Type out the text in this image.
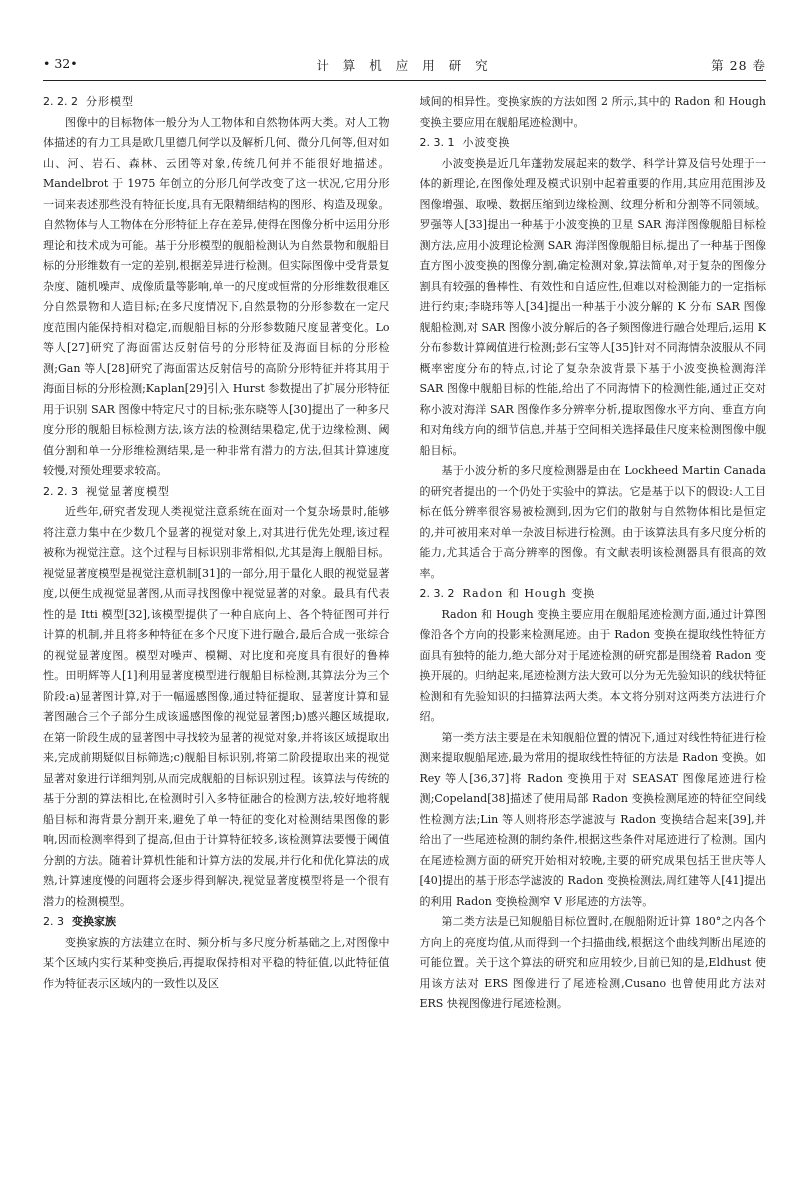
• 32•	计 算 机 应 用 研 究	第 28 卷
2. 2. 2 分形模型

图像中的目标物体一般分为人工物体和自然物体两大类。对人工物体描述的有力工具是欧几里德几何学以及解析几何、微分几何等,但对如山、河、岩石、森林、云团等对象,传统几何并不能很好地描述。Mandelbrot 于 1975 年创立的分形几何学改变了这一状况,它用分形一词来表述那些没有特征长度,具有无限精细结构的图形、构造及现象。自然物体与人工物体在分形特征上存在差异,使得在图像分析中运用分形理论和技术成为可能。基于分形模型的舰船检测认为自然景物和舰船目标的分形维数有一定的差别,根据差异进行检测。但实际图像中受背景复杂度、随机噪声、成像质量等影响,单一的尺度或恒常的分形维数很难区分自然景物和人造目标;在多尺度情况下,自然景物的分形参数在一定尺度范围内能保持相对稳定,而舰船目标的分形参数随尺度显著变化。Lo 等人[27]研究了海面雷达反射信号的分形特征及海面目标的分形检测;Gan 等人[28]研究了海面雷达反射信号的高阶分形特征并将其用于海面目标的分形检测;Kaplan[29]引入 Hurst 参数提出了扩展分形特征用于识别 SAR 图像中特定尺寸的目标;张东晓等人[30]提出了一种多尺度分形的舰船目标检测方法,该方法的检测结果稳定,优于边缘检测、阈值分割和单一分形维检测结果,是一种非常有潜力的方法,但其计算速度较慢,对预处理要求较高。

2. 2. 3 视觉显著度模型

近些年,研究者发现人类视觉注意系统在面对一个复杂场景时,能够将注意力集中在少数几个显著的视觉对象上,对其进行优先处理,该过程被称为视觉注意。这个过程与目标识别非常相似,尤其是海上舰船目标。视觉显著度模型是视觉注意机制[31]的一部分,用于量化人眼的视觉显著度,以便生成视觉显著图,从而寻找图像中视觉显著的对象。最具有代表性的是 Itti 模型[32],该模型提供了一种自底向上、各个特征图可并行计算的机制,并且将多种特征在多个尺度下进行融合,最后合成一张综合的视觉显著度图。模型对噪声、模糊、对比度和亮度具有很好的鲁棒性。田明辉等人[1]利用显著度模型进行舰船目标检测,其算法分为三个阶段:a)显著图计算,对于一幅遥感图像,通过特征提取、显著度计算和显著图融合三个子部分生成该遥感图像的视觉显著图;b)感兴趣区域提取,在第一阶段生成的显著图中寻找较为显著的视觉对象,并将该区域提取出来,完成前期疑似目标筛选;c)舰船目标识别,将第二阶段提取出来的视觉显著对象进行详细判别,从而完成舰船的目标识别过程。该算法与传统的基于分割的算法相比,在检测时引入多特征融合的检测方法,较好地将舰船目标和海背景分割开来,避免了单一特征的变化对检测结果图像的影响,因而检测率得到了提高,但由于计算特征较多,该检测算法要慢于阈值分割的方法。随着计算机性能和计算方法的发展,并行化和优化算法的成熟,计算速度慢的问题将会逐步得到解决,视觉显著度模型将是一个很有潜力的检测模型。

2. 3 变换家族

变换家族的方法建立在时、频分析与多尺度分析基础之上,对图像中某个区域内实行某种变换后,再提取保持相对平稳的特征值,以此特征值作为特征表示区域内的一致性以及区

域间的相异性。变换家族的方法如图 2 所示,其中的 Radon 和 Hough 变换主要应用在舰船尾迹检测中。

2. 3. 1 小波变换

小波变换是近几年蓬勃发展起来的数学、科学计算及信号处理于一体的新理论,在图像处理及模式识别中起着重要的作用,其应用范围涉及图像增强、取噪、数据压缩到边缘检测、纹理分析和分割等不同领域。罗强等人[33]提出一种基于小波变换的卫星 SAR 海洋图像舰船目标检测方法,应用小波理论检测 SAR 海洋图像舰船目标,提出了一种基于图像直方图小波变换的图像分割,确定检测对象,算法简单,对于复杂的图像分割具有较强的鲁棒性、有效性和自适应性,但难以对检测能力的一定指标进行约束;李晓玮等人[34]提出一种基于小波分解的 K 分布 SAR 图像舰船检测,对 SAR 图像小波分解后的各子频图像进行融合处理后,运用 K 分布参数计算阈值进行检测;彭石宝等人[35]针对不同海情杂波服从不同概率密度分布的特点,讨论了复杂杂波背景下基于小波变换检测海洋 SAR 图像中舰船目标的性能,给出了不同海情下的检测性能,通过正交对称小波对海洋 SAR 图像作多分辨率分析,提取图像水平方向、垂直方向和对角线方向的细节信息,并基于空间相关选择最佳尺度来检测图像中舰船目标。

基于小波分析的多尺度检测器是由在 Lockheed Martin Canada 的研究者提出的一个仍处于实验中的算法。它是基于以下的假设:人工目标在低分辨率很容易被检测到,因为它们的散射与自然物体相比是恒定的,并可被用来对单一杂波目标进行检测。由于该算法具有多尺度分析的能力,尤其适合于高分辨率的图像。有文献表明该检测器具有很高的效率。

2. 3. 2 Radon 和 Hough 变换

Radon 和 Hough 变换主要应用在舰船尾迹检测方面,通过计算图像沿各个方向的投影来检测尾迹。由于 Radon 变换在提取线性特征方面具有独特的能力,绝大部分对于尾迹检测的研究都是围绕着 Radon 变换开展的。归纳起来,尾迹检测方法大致可以分为无先验知识的线状特征检测和有先验知识的扫描算法两大类。本文将分别对这两类方法进行介绍。

第一类方法主要是在未知舰船位置的情况下,通过对线性特征进行检测来提取舰船尾迹,最为常用的提取线性特征的方法是 Radon 变换。如 Rey 等人[36,37]将 Radon 变换用于对 SEASAT 图像尾迹进行检测;Copeland[38]描述了使用局部 Radon 变换检测尾迹的特征空间线性检测方法;Lin 等人则将形态学滤波与 Radon 变换结合起来[39],并给出了一些尾迹检测的制约条件,根据这些条件对尾迹进行了检测。国内在尾迹检测方面的研究开始相对较晚,主要的研究成果包括王世庆等人[40]提出的基于形态学滤波的 Radon 变换检测法,周红建等人[41]提出的利用 Radon 变换检测窄 V 形尾迹的方法等。

第二类方法是已知舰船目标位置时,在舰船附近计算 180°之内各个方向上的亮度均值,从而得到一个扫描曲线,根据这个曲线判断出尾迹的可能位置。关于这个算法的研究和应用较少,目前已知的是,Eldhust 使用该方法对 ERS 图像进行了尾迹检测,Cusano 也曾使用此方法对 ERS 快视图像进行尾迹检测。
